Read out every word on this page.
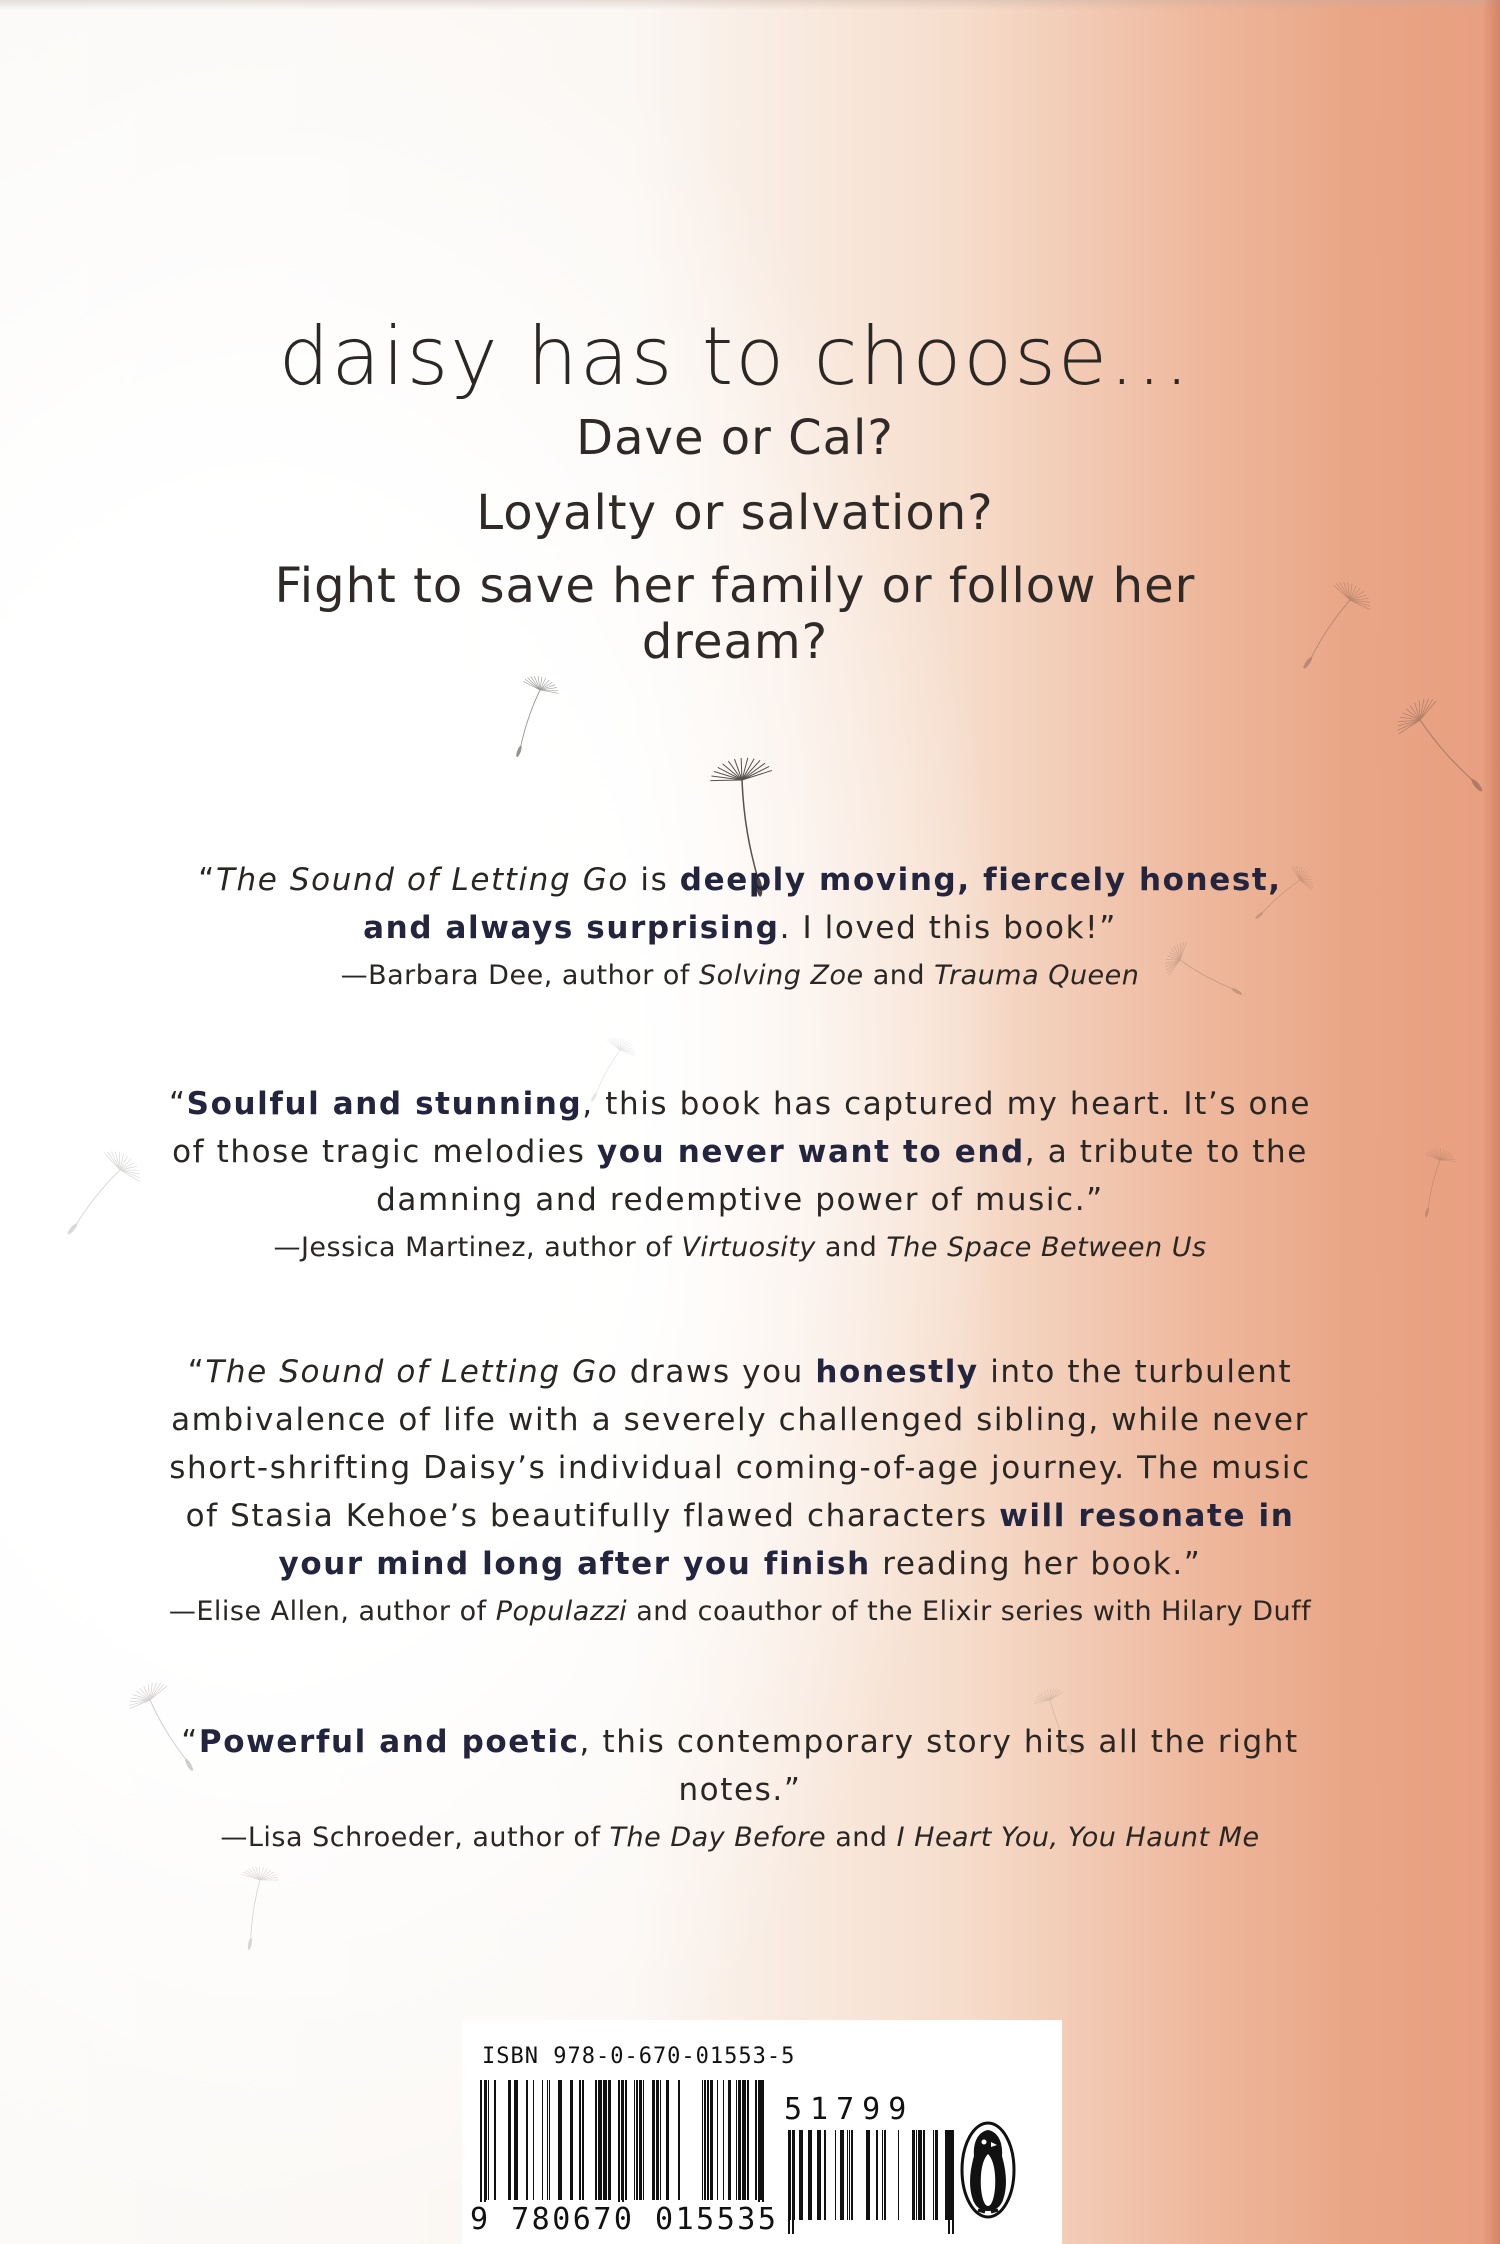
daisy has to choose...
Dave or Cal?
Loyalty or salvation?
Fight to save her family or follow her dream?
“The Sound of Letting Go is deeply moving, fiercely honest, and always surprising. I loved this book!”
—Barbara Dee, author of Solving Zoe and Trauma Queen
“Soulful and stunning, this book has captured my heart. It’s one of those tragic melodies you never want to end, a tribute to the damning and redemptive power of music.”
—Jessica Martinez, author of Virtuosity and The Space Between Us
“The Sound of Letting Go draws you honestly into the turbulent ambivalence of life with a severely challenged sibling, while never short-shrifting Daisy’s individual coming-of-age journey. The music of Stasia Kehoe’s beautifully flawed characters will resonate in your mind long after you finish reading her book.”
—Elise Allen, author of Populazzi and coauthor of the Elixir series with Hilary Duff
“Powerful and poetic, this contemporary story hits all the right notes.”
—Lisa Schroeder, author of The Day Before and I Heart You, You Haunt Me
ISBN 978-0-670-01553-5
51799
9 780670 015535
